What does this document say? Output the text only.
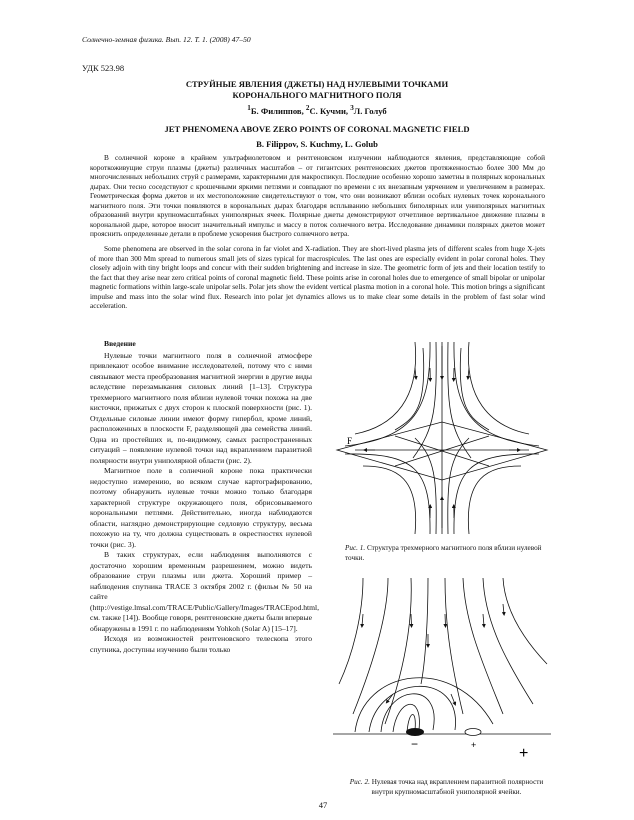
Солнечно-земная физика. Вып. 12. Т. 1. (2008) 47–50
УДК 523.98
СТРУЙНЫЕ ЯВЛЕНИЯ (ДЖЕТЫ) НАД НУЛЕВЫМИ ТОЧКАМИ
КОРОНАЛЬНОГО МАГНИТНОГО ПОЛЯ
$^1$Б. Филиппов, $^2$С. Кучми, $^3$Л. Голуб
JET PHENOMENA ABOVE ZERO POINTS OF CORONAL MAGNETIC FIELD
B. Filippov, S. Kuchmy, L. Golub

В солнечной короне в крайнем ультрафиолетовом и рентгеновском излучении наблюдаются явления, представляющие собой короткоживущие струи плазмы (джеты) различных масштабов – от гигантских рентгеновских джетов протяженностью более 300 Мм до многочисленных небольших струй с размерами, характерными для макроспикул. Последние особенно хорошо заметны в полярных корональных дырах. Они тесно соседствуют с крошечными яркими петлями и совпадают по времени с их внезапным уярчением и увеличением в размерах. Геометрическая форма джетов и их местоположение свидетельствуют о том, что они возникают вблизи особых нулевых точек коронального магнитного поля. Эти точки появляются в корональных дырах благодаря всплыванию небольших биполярных или униполярных магнитных образований внутри крупномасштабных униполярных ячеек. Полярные джеты демонстрируют отчетливое вертикальное движение плазмы в корональной дыре, которое вносит значительный импульс и массу в поток солнечного ветра. Исследование динамики полярных джетов может прояснить определенные детали в проблеме ускорения быстрого солнечного ветра.

Some phenomena are observed in the solar corona in far violet and X-radiation. They are short-lived plasma jets of different scales from huge X-jets of more than 300 Mm spread to numerous small jets of sizes typical for macrospicules. The last ones are especially evident in polar coronal holes. They closely adjoin with tiny bright loops and concur with their sudden brightening and increase in size. The geometric form of jets and their location testify to the fact that they arise near zero critical points of coronal magnetic field. These points arise in coronal holes due to emergence of small bipolar or unipolar magnetic formations within large-scale unipolar sells. Polar jets show the evident vertical plasma motion in a coronal hole. This motion brings a significant impulse and mass into the solar wind flux. Research into polar jet dynamics allows us to make clear some details in the problem of fast solar wind acceleration.

Введение

Нулевые точки магнитного поля в солнечной атмосфере привлекают особое внимание исследователей, потому что с ними связывают места преобразования магнитной энергии в другие виды вследствие перезамыкания силовых линий [1–13]. Структура трехмерного магнитного поля вблизи нулевой точки похожа на две кисточки, прижатых с двух сторон к плоской поверхности (рис. 1). Отдельные силовые линии имеют форму гипербол, кроме линий, расположенных в плоскости F, разделяющей два семейства линий. Одна из простейших и, по-видимому, самых распространенных ситуаций – появление нулевой точки над вкраплением паразитной полярности внутри униполярной области (рис. 2).

Магнитное поле в солнечной короне пока практически недоступно измерению, во всяком случае картографированию, поэтому обнаружить нулевые точки можно только благодаря характерной структуре окружающего поля, обрисовываемого корональными петлями. Действительно, иногда наблюдаются области, наглядно демонстрирующие седловую структуру, весьма похожую на ту, что должна существовать в окрестностях нулевой точки (рис. 3).

В таких структурах, если наблюдения выполняются с достаточно хорошим временным разрешением, можно видеть образование струи плазмы или джета. Хороший пример – наблюдения спутника TRACE 3 октября 2002 г. (фильм № 50 на сайте (http://vestige.lmsal.com/TRACE/Public/Gallery/Images/TRACEpod.html, см. также [14]). Вообще говоря, рентгеновские джеты были впервые обнаружены в 1991 г. по наблюдениям Yohkoh (Solar A) [15–17].

Исходя из возможностей рентгеновского телескопа этого спутника, доступны изучению были только

F
Рис. 1. Структура трехмерного магнитного поля вблизи нулевой точки.
−	+	+
Рис. 2. Нулевая точка над вкраплением паразитной полярности внутри крупномасштабной униполярной ячейки.
47
